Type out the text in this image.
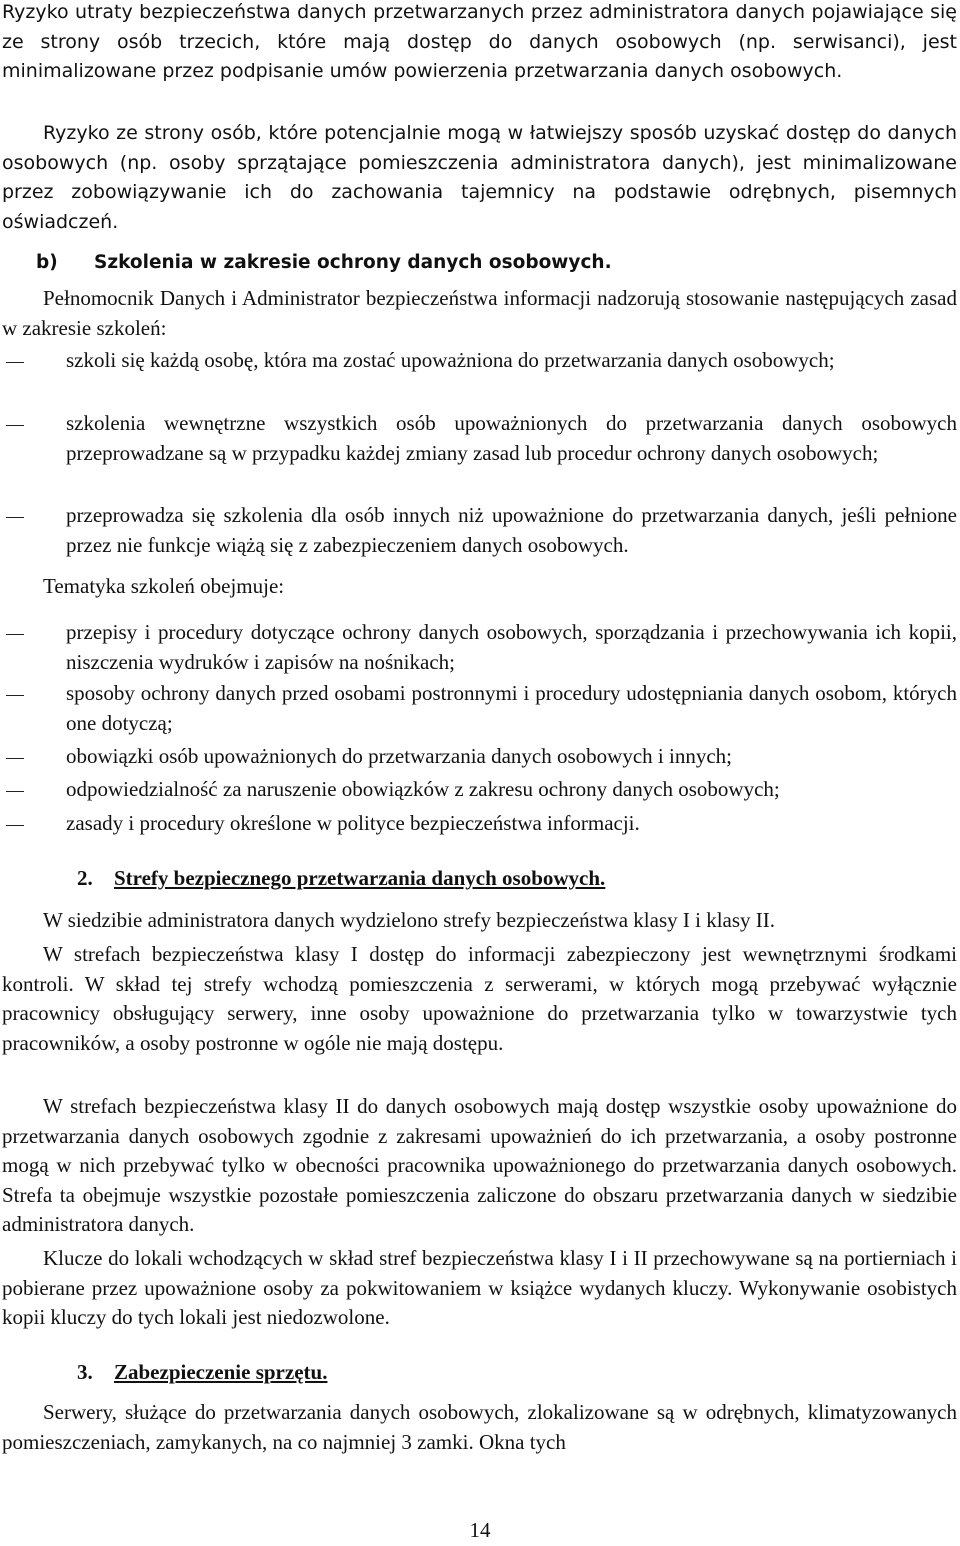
Ryzyko utraty bezpieczeństwa danych przetwarzanych przez administratora danych pojawiające się ze strony osób trzecich, które mają dostęp do danych osobowych (np. serwisanci), jest minimalizowane przez podpisanie umów powierzenia przetwarzania danych osobowych.

Ryzyko ze strony osób, które potencjalnie mogą w łatwiejszy sposób uzyskać dostęp do danych osobowych (np. osoby sprzątające pomieszczenia administratora danych), jest minimalizowane przez zobowiązywanie ich do zachowania tajemnicy na podstawie odrębnych, pisemnych oświadczeń.

b) Szkolenia w zakresie ochrony danych osobowych.

Pełnomocnik Danych i Administrator bezpieczeństwa informacji nadzorują stosowanie następujących zasad w zakresie szkoleń:

szkoli się każdą osobę, która ma zostać upoważniona do przetwarzania danych osobowych;

szkolenia wewnętrzne wszystkich osób upoważnionych do przetwarzania danych osobowych przeprowadzane są w przypadku każdej zmiany zasad lub procedur ochrony danych osobowych;

przeprowadza się szkolenia dla osób innych niż upoważnione do przetwarzania danych, jeśli pełnione przez nie funkcje wiążą się z zabezpieczeniem danych osobowych.

Tematyka szkoleń obejmuje:

przepisy i procedury dotyczące ochrony danych osobowych, sporządzania i przechowywania ich kopii, niszczenia wydruków i zapisów na nośnikach;

sposoby ochrony danych przed osobami postronnymi i procedury udostępniania danych osobom, których one dotyczą;

obowiązki osób upoważnionych do przetwarzania danych osobowych i innych;

odpowiedzialność za naruszenie obowiązków z zakresu ochrony danych osobowych;

zasady i procedury określone w polityce bezpieczeństwa informacji.

2. Strefy bezpiecznego przetwarzania danych osobowych.

W siedzibie administratora danych wydzielono strefy bezpieczeństwa klasy I i klasy II.

W strefach bezpieczeństwa klasy I dostęp do informacji zabezpieczony jest wewnętrznymi środkami kontroli. W skład tej strefy wchodzą pomieszczenia z serwerami, w których mogą przebywać wyłącznie pracownicy obsługujący serwery, inne osoby upoważnione do przetwarzania tylko w towarzystwie tych pracowników, a osoby postronne w ogóle nie mają dostępu.

W strefach bezpieczeństwa klasy II do danych osobowych mają dostęp wszystkie osoby upoważnione do przetwarzania danych osobowych zgodnie z zakresami upoważnień do ich przetwarzania, a osoby postronne mogą w nich przebywać tylko w obecności pracownika upoważnionego do przetwarzania danych osobowych. Strefa ta obejmuje wszystkie pozostałe pomieszczenia zaliczone do obszaru przetwarzania danych w siedzibie administratora danych.

Klucze do lokali wchodzących w skład stref bezpieczeństwa klasy I i II przechowywane są na portierniach i pobierane przez upoważnione osoby za pokwitowaniem w książce wydanych kluczy. Wykonywanie osobistych kopii kluczy do tych lokali jest niedozwolone.

3. Zabezpieczenie sprzętu.

Serwery, służące do przetwarzania danych osobowych, zlokalizowane są w odrębnych, klimatyzowanych pomieszczeniach, zamykanych, na co najmniej 3 zamki. Okna tych

14
